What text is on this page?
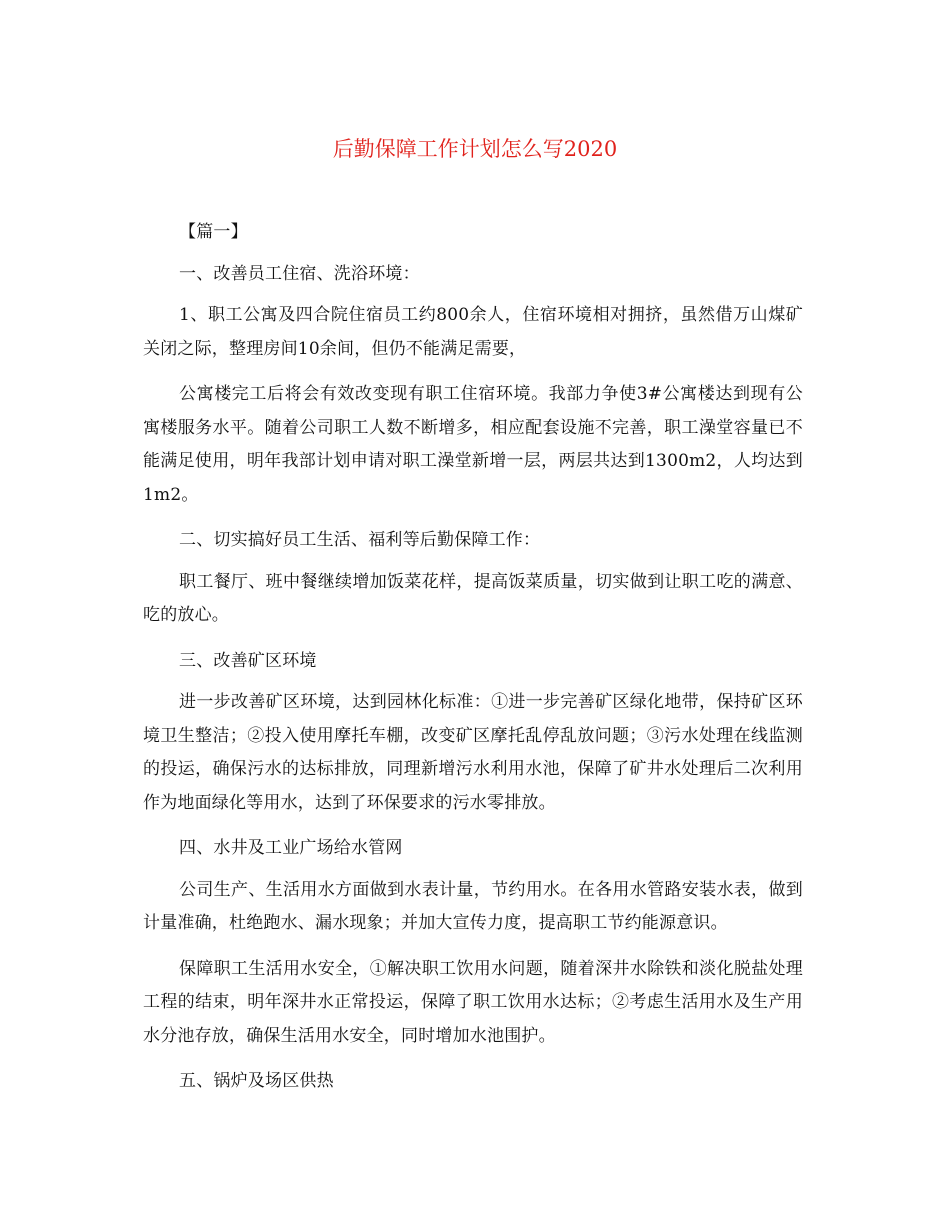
后勤保障工作计划怎么写2020

【篇一】

一、改善员工住宿、洗浴环境：

1、职工公寓及四合院住宿员工约800余人，住宿环境相对拥挤，虽然借万山煤矿关闭之际，整理房间10余间，但仍不能满足需要，

公寓楼完工后将会有效改变现有职工住宿环境。我部力争使3#公寓楼达到现有公寓楼服务水平。随着公司职工人数不断增多，相应配套设施不完善，职工澡堂容量已不能满足使用，明年我部计划申请对职工澡堂新增一层，两层共达到1300m2，人均达到1m2。

二、切实搞好员工生活、福利等后勤保障工作：

职工餐厅、班中餐继续增加饭菜花样，提高饭菜质量，切实做到让职工吃的满意、吃的放心。

三、改善矿区环境

进一步改善矿区环境，达到园林化标准：①进一步完善矿区绿化地带，保持矿区环境卫生整洁；②投入使用摩托车棚，改变矿区摩托乱停乱放问题；③污水处理在线监测的投运，确保污水的达标排放，同理新增污水利用水池，保障了矿井水处理后二次利用作为地面绿化等用水，达到了环保要求的污水零排放。

四、水井及工业广场给水管网

公司生产、生活用水方面做到水表计量，节约用水。在各用水管路安装水表，做到计量准确，杜绝跑水、漏水现象；并加大宣传力度，提高职工节约能源意识。

保障职工生活用水安全，①解决职工饮用水问题，随着深井水除铁和淡化脱盐处理工程的结束，明年深井水正常投运，保障了职工饮用水达标；②考虑生活用水及生产用水分池存放，确保生活用水安全，同时增加水池围护。

五、锅炉及场区供热
